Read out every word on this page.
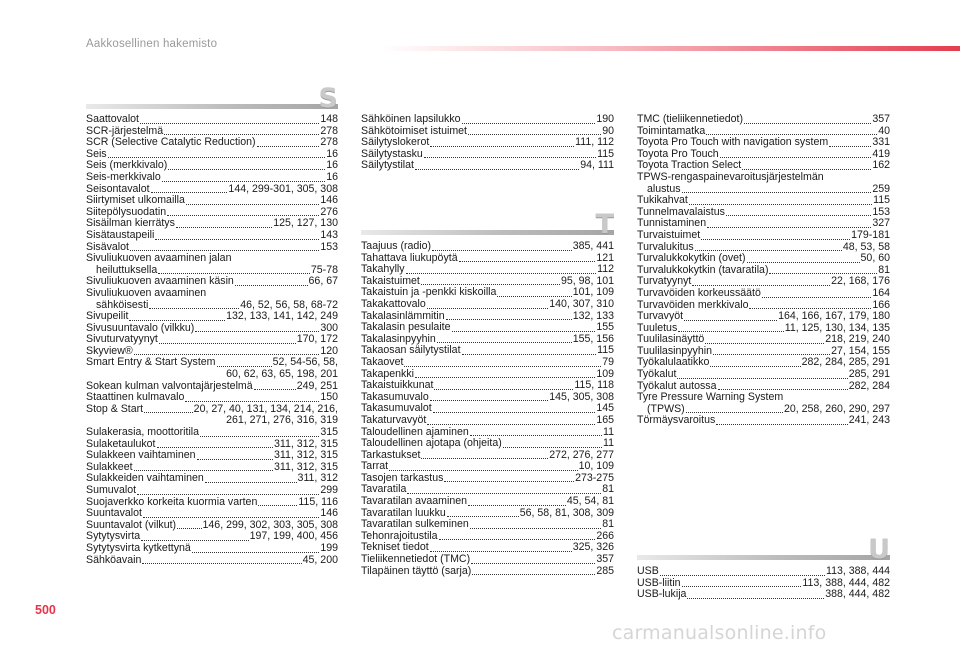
Aakkosellinen hakemisto
S
T
U
Saattovalot	148
SCR-järjestelmä	278
SCR (Selective Catalytic Reduction)	278
Seis	16
Seis (merkkivalo)	16
Seis-merkkivalo	16
Seisontavalot	144, 299-301, 305, 308
Siirtymiset ulkomailla	146
Siitepölysuodatin	276
Sisäilman kierrätys	125, 127, 130
Sisätaustapeili	143
Sisävalot	153
Sivuliukuoven avaaminen jalan
heiluttuksella	75-78
Sivuliukuoven avaaminen käsin	66, 67
Sivuliukuoven avaaminen
sähköisesti	46, 52, 56, 58, 68-72
Sivupeilit	132, 133, 141, 142, 249
Sivusuuntavalo (vilkku)	300
Sivuturvatyynyt	170, 172
Skyview®	120
Smart Entry & Start System	52, 54-56, 58,
60, 62, 63, 65, 198, 201
Sokean kulman valvontajärjestelmä	249, 251
Staattinen kulmavalo	150
Stop & Start	20, 27, 40, 131, 134, 214, 216,
261, 271, 276, 316, 319
Sulakerasia, moottoritila	315
Sulaketaulukot	311, 312, 315
Sulakkeen vaihtaminen	311, 312, 315
Sulakkeet	311, 312, 315
Sulakkeiden vaihtaminen	311, 312
Sumuvalot	299
Suojaverkko korkeita kuormia varten	115, 116
Suuntavalot	146
Suuntavalot (vilkut) 146, 299, 302, 303, 305, 308
Sytytysvirta	197, 199, 400, 456
Sytytysvirta kytkettynä	199
Sähköavain	45, 200
Sähköinen lapsilukko	190
Sähkötoimiset istuimet	90
Säilytyslokerot	111, 112
Säilytystasku	115
Säilytystilat	94, 111
Taajuus (radio)	385, 441
Tahattava liukupöytä	121
Takahylly	112
Takaistuimet	95, 98, 101
Takaistuin ja -penkki kiskoilla	101, 109
Takakattovalo	140, 307, 310
Takalasinlämmitin	132, 133
Takalasin pesulaite	155
Takalasinpyyhin	155, 156
Takaosan säilytystilat	115
Takaovet	79
Takapenkki	109
Takaistuikkunat	115, 118
Takasumuvalo	145, 305, 308
Takasumuvalot	145
Takaturvavyöt	165
Taloudellinen ajaminen	11
Taloudellinen ajotapa (ohjeita)	11
Tarkastukset	272, 276, 277
Tarrat	10, 109
Tasojen tarkastus	273-275
Tavaratila	81
Tavaratilan avaaminen	45, 54, 81
Tavaratilan luukku	56, 58, 81, 308, 309
Tavaratilan sulkeminen	81
Tehonrajoitustila	266
Tekniset tiedot	325, 326
Tieliikennetiedot (TMC)	357
Tilapäinen täyttö (sarja)	285
TMC (tieliikennetiedot)	357
Toimintamatka	40
Toyota Pro Touch with navigation system	331
Toyota Pro Touch	419
Toyota Traction Select	162
TPWS-rengaspainevaroitusjärjestelmän
alustus	259
Tukikahvat	115
Tunnelmavalaistus	153
Tunnistaminen	327
Turvaistuimet	179-181
Turvalukitus	48, 53, 58
Turvalukkokytkin (ovet)	50, 60
Turvalukkokytkin (tavaratila)	81
Turvatyynyt	22, 168, 176
Turvavöiden korkeussäätö	164
Turvavöiden merkkivalo	166
Turvavyöt	164, 166, 167, 179, 180
Tuuletus	11, 125, 130, 134, 135
Tuulilasinäyttö	218, 219, 240
Tuulilasinpyyhin	27, 154, 155
Työkalulaatikko	282, 284, 285, 291
Työkalut	285, 291
Työkalut autossa	282, 284
Tyre Pressure Warning System
(TPWS)	20, 258, 260, 290, 297
Törmäysvaroitus	241, 243
USB	113, 388, 444
USB-liitin	113, 388, 444, 482
USB-lukija	388, 444, 482
500
carmanualsonline.info
